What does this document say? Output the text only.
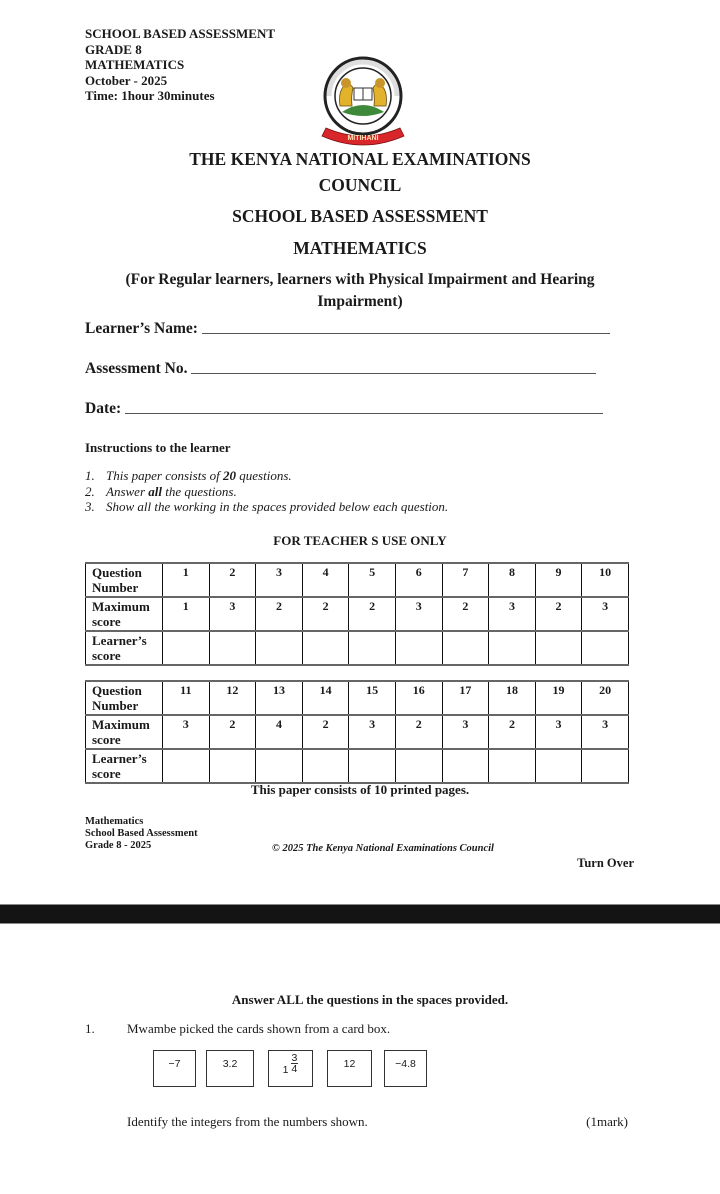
SCHOOL BASED ASSESSMENT
GRADE 8
MATHEMATICS
October - 2025
Time: 1hour 30minutes
MITIHANI
THE KENYA NATIONAL EXAMINATIONS
COUNCIL
SCHOOL BASED ASSESSMENT
MATHEMATICS
(For Regular learners, learners with Physical Impairment and Hearing Impairment)
Learner’s Name:
Assessment No.
Date:
Instructions to the learner
1. This paper consists of 20 questions.
2. Answer all the questions.
3. Show all the working in the spaces provided below each question.
FOR TEACHER S USE ONLY
Question Number	1	2	3	4	5	6	7	8	9	10
Maximum score	1	3	2	2	2	3	2	3	2	3
Learner’s score										
Question Number	11	12	13	14	15	16	17	18	19	20
Maximum score	3	2	4	2	3	2	3	2	3	3
Learner’s score										
This paper consists of 10 printed pages.
Mathematics
School Based Assessment
Grade 8 - 2025	© 2025 The Kenya National Examinations Council
Turn Over
Answer ALL the questions in the spaces provided.
1. Mwambe picked the cards shown from a card box.
−7	3.2	$1 \frac{3}{4}$	12	−4.8
Identify the integers from the numbers shown.	(1mark)
